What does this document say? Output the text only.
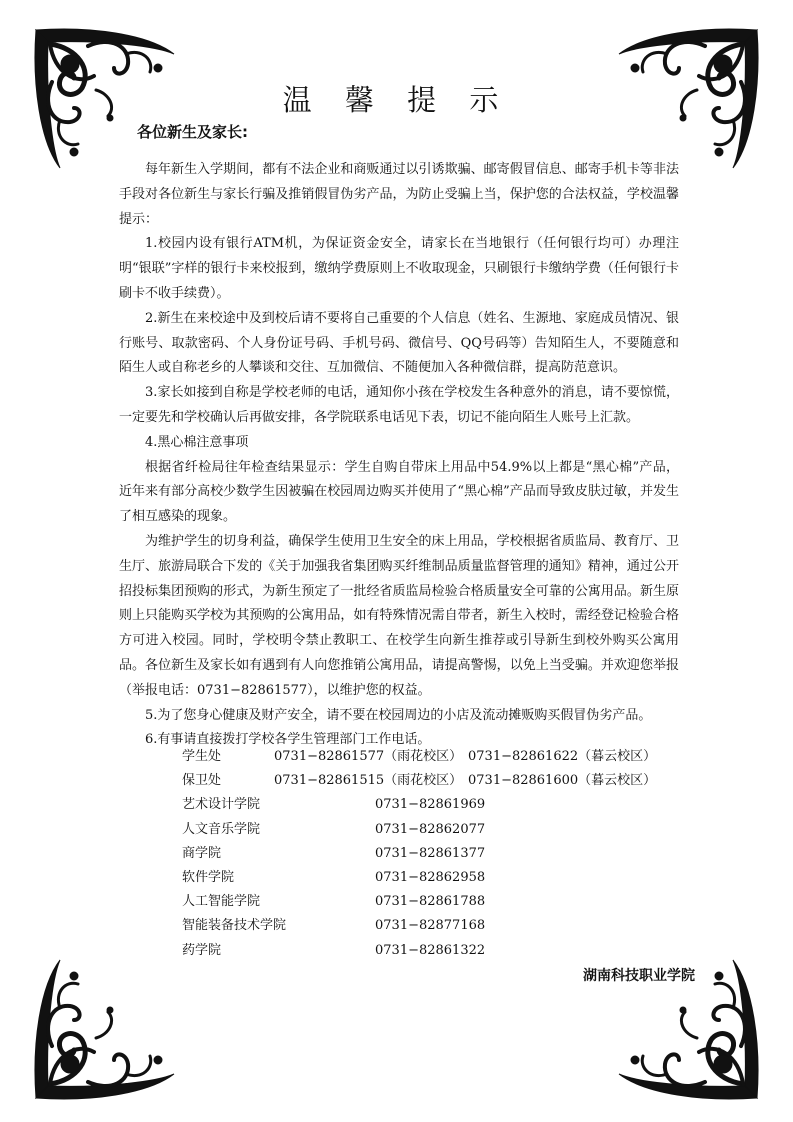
温 馨 提 示

各位新生及家长:

每年新生入学期间，都有不法企业和商贩通过以引诱欺骗、邮寄假冒信息、邮寄手机卡等非法手段对各位新生与家长行骗及推销假冒伪劣产品，为防止受骗上当，保护您的合法权益，学校温馨提示：

1.校园内设有银行ATM机，为保证资金安全，请家长在当地银行（任何银行均可）办理注明“银联”字样的银行卡来校报到，缴纳学费原则上不收取现金，只刷银行卡缴纳学费（任何银行卡刷卡不收手续费）。

2.新生在来校途中及到校后请不要将自己重要的个人信息（姓名、生源地、家庭成员情况、银行账号、取款密码、个人身份证号码、手机号码、微信号、QQ号码等）告知陌生人，不要随意和陌生人或自称老乡的人攀谈和交往、互加微信、不随便加入各种微信群，提高防范意识。

3.家长如接到自称是学校老师的电话，通知你小孩在学校发生各种意外的消息，请不要惊慌，一定要先和学校确认后再做安排，各学院联系电话见下表，切记不能向陌生人账号上汇款。

4.黑心棉注意事项

根据省纤检局往年检查结果显示：学生自购自带床上用品中54.9%以上都是“黑心棉”产品，近年来有部分高校少数学生因被骗在校园周边购买并使用了“黑心棉”产品而导致皮肤过敏，并发生了相互感染的现象。

为维护学生的切身利益，确保学生使用卫生安全的床上用品，学校根据省质监局、教育厅、卫生厅、旅游局联合下发的《关于加强我省集团购买纤维制品质量监督管理的通知》精神，通过公开招投标集团预购的形式，为新生预定了一批经省质监局检验合格质量安全可靠的公寓用品。新生原则上只能购买学校为其预购的公寓用品，如有特殊情况需自带者，新生入校时，需经登记检验合格方可进入校园。同时，学校明令禁止教职工、在校学生向新生推荐或引导新生到校外购买公寓用品。各位新生及家长如有遇到有人向您推销公寓用品，请提高警惕，以免上当受骗。并欢迎您举报（举报电话：0731−82861577），以维护您的权益。

5.为了您身心健康及财产安全，请不要在校园周边的小店及流动摊贩购买假冒伪劣产品。

6.有事请直接拨打学校各学生管理部门工作电话。

学生处	0731−82861577（雨花校区） 0731−82861622（暮云校区）
保卫处	0731−82861515（雨花校区） 0731−82861600（暮云校区）
艺术设计学院	0731−82861969
人文音乐学院	0731−82862077
商学院	0731−82861377
软件学院	0731−82862958
人工智能学院	0731−82861788
智能装备技术学院	0731−82877168
药学院	0731−82861322

湖南科技职业学院
